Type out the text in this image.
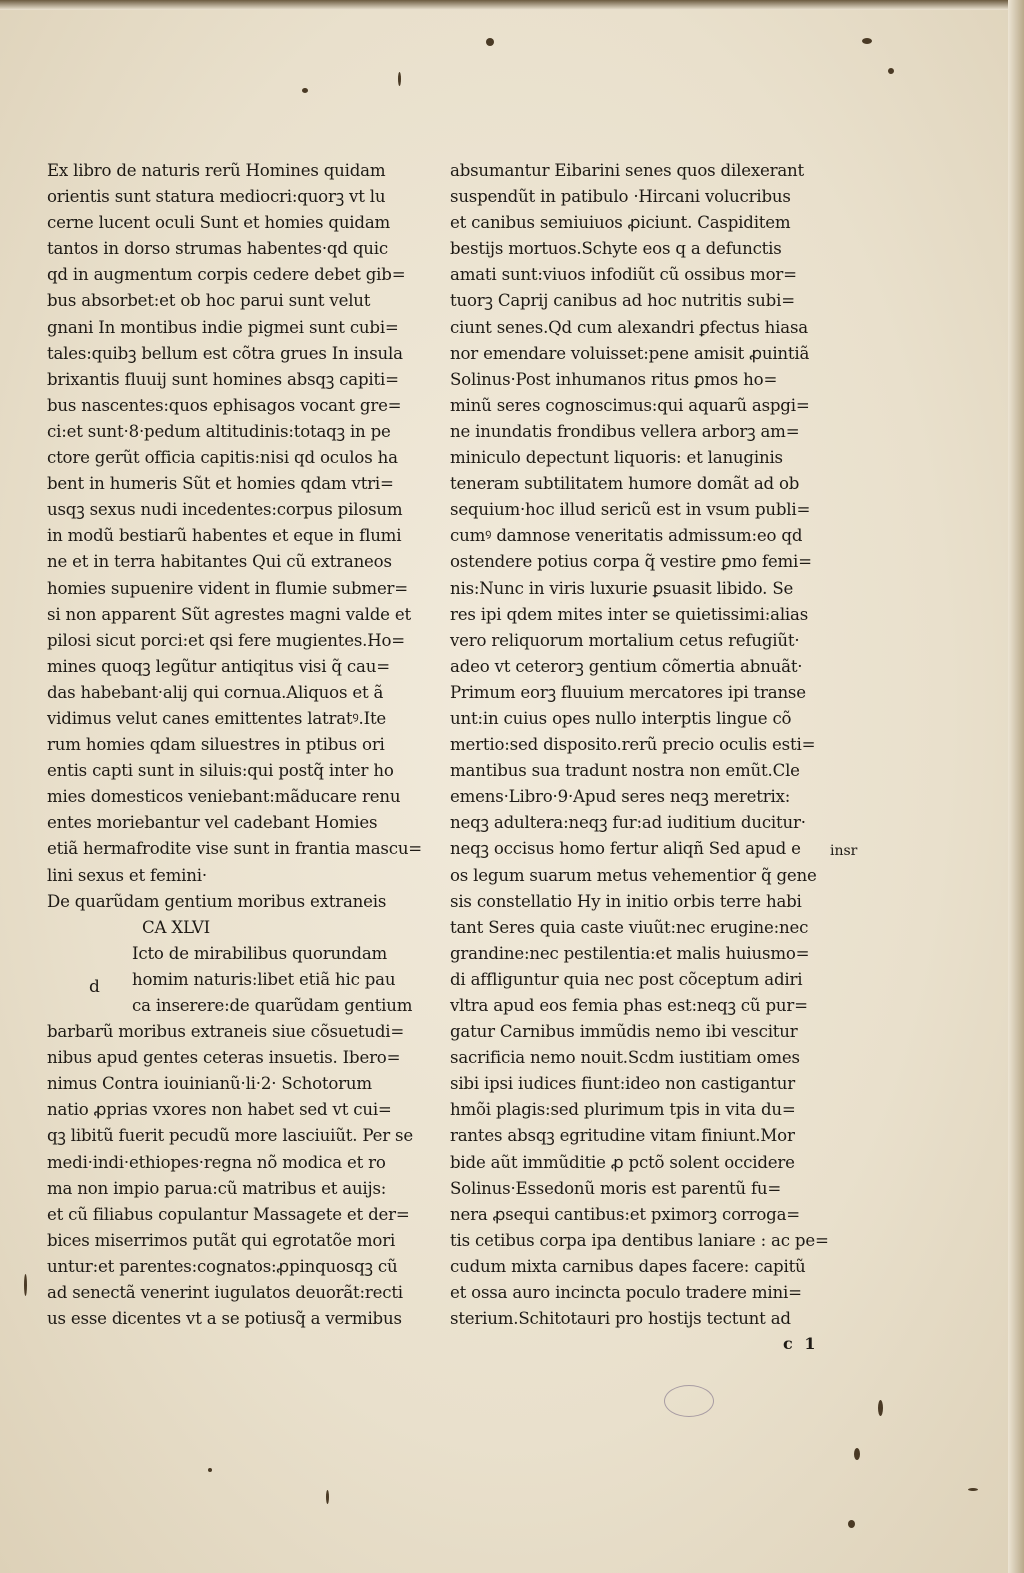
Ex libro de naturis rerũ Homines quidam
orientis sunt statura mediocri:quorꝫ vt lu
cerne lucent oculi Sunt et homies quidam
tantos in dorso strumas habentes·qd quic
qd in augmentum corpis cedere debet gib=
bus absorbet:et ob hoc parui sunt velut
gnani In montibus indie pigmei sunt cubi=
tales:quibꝫ bellum est cõtra grues In insula
brixantis fluuij sunt homines absqꝫ capiti=
bus nascentes:quos ephisagos vocant gre=
ci:et sunt·8·pedum altitudinis:totaqꝫ in pe
ctore gerũt officia capitis:nisi qd oculos ha
bent in humeris Sũt et homies qdam vtri=
usqꝫ sexus nudi incedentes:corpus pilosum
in modũ bestiarũ habentes et eque in flumi
ne et in terra habitantes Qui cũ extraneos
homies supuenire vident in flumie submer=
si non apparent Sũt agrestes magni valde et
pilosi sicut porci:et qsi fere mugientes.Ho=
mines quoqꝫ legũtur antiqitus visi q̃ cau=
das habebant·alij qui cornua.Aliquos et ã
vidimus velut canes emittentes latratꝰ.Ite
rum homies qdam siluestres in ptibus ori
entis capti sunt in siluis:qui postq̃ inter ho
mies domesticos veniebant:mãducare renu
entes moriebantur vel cadebant Homies
etiã hermafrodite vise sunt in frantia mascu=
lini sexus et femini·
De quarũdam gentium moribus extraneis
CA XLVI
Icto de mirabilibus quorundam
homim naturis:libet etiã hic pau
ca inserere:de quarũdam gentium
barbarũ moribus extraneis siue cõsuetudi=
nibus apud gentes ceteras insuetis. Ibero=
nimus Contra iouinianũ·li·2· Schotorum
natio ꝓprias vxores non habet sed vt cui=
qꝫ libitũ fuerit pecudũ more lasciuiũt. Per se
medi·indi·ethiopes·regna nõ modica et ro
ma non impio parua:cũ matribus et auijs:
et cũ filiabus copulantur Massagete et der=
bices miserrimos putãt qui egrotatõe mori
untur:et parentes:cognatos:ꝓpinquosqꝫ cũ
ad senectã venerint iugulatos deuorãt:recti
us esse dicentes vt a se potiusq̃ a vermibus
absumantur Eibarini senes quos dilexerant
suspendũt in patibulo ·Hircani volucribus
et canibus semiuiuos ꝓiciunt. Caspiditem
bestijs mortuos.Schyte eos q a defunctis
amati sunt:viuos infodiũt cũ ossibus mor=
tuorꝫ Caprij canibus ad hoc nutritis subi=
ciunt senes.Qd cum alexandri ꝑfectus hiasa
nor emendare voluisset:pene amisit ꝓuintiã
Solinus·Post inhumanos ritus ꝑmos ho=
minũ seres cognoscimus:qui aquarũ aspgi=
ne inundatis frondibus vellera arborꝫ am=
miniculo depectunt liquoris: et lanuginis
teneram subtilitatem humore domãt ad ob
sequium·hoc illud sericũ est in vsum publi=
cumꝰ damnose veneritatis admissum:eo qd
ostendere potius corpa q̃ vestire ꝑmo femi=
nis:Nunc in viris luxurie ꝑsuasit libido. Se
res ipi qdem mites inter se quietissimi:alias
vero reliquorum mortalium cetus refugiũt·
adeo vt ceterorꝫ gentium cõmertia abnuãt·
Primum eorꝫ fluuium mercatores ipi transe
unt:in cuius opes nullo interptis lingue cõ
mertio:sed disposito.rerũ precio oculis esti=
mantibus sua tradunt nostra non emũt.Cle
emens·Libro·9·Apud seres neqꝫ meretrix:
neqꝫ adultera:neqꝫ fur:ad iuditium ducitur·
neqꝫ occisus homo fertur aliqñ Sed apud e
os legum suarum metus vehementior q̃ gene
sis constellatio Hy in initio orbis terre habi
tant Seres quia caste viuũt:nec erugine:nec
grandine:nec pestilentia:et malis huiusmo=
di affliguntur quia nec post cõceptum adiri
vltra apud eos femia phas est:neqꝫ cũ pur=
gatur Carnibus immũdis nemo ibi vescitur
sacrificia nemo nouit.Scdm iustitiam omes
sibi ipsi iudices fiunt:ideo non castigantur
hmõi plagis:sed plurimum tpis in vita du=
rantes absqꝫ egritudine vitam finiunt.Mor
bide aũt immũditie ꝓ pctõ solent occidere
Solinus·Essedonũ moris est parentũ fu=
nera ꝓsequi cantibus:et pximorꝫ corroga=
tis cetibus corpa ipa dentibus laniare : ac pe=
cudum mixta carnibus dapes facere: capitũ
et ossa auro incincta poculo tradere mini=
sterium.Schitotauri pro hostijs tectunt ad
d
c 1
insr
